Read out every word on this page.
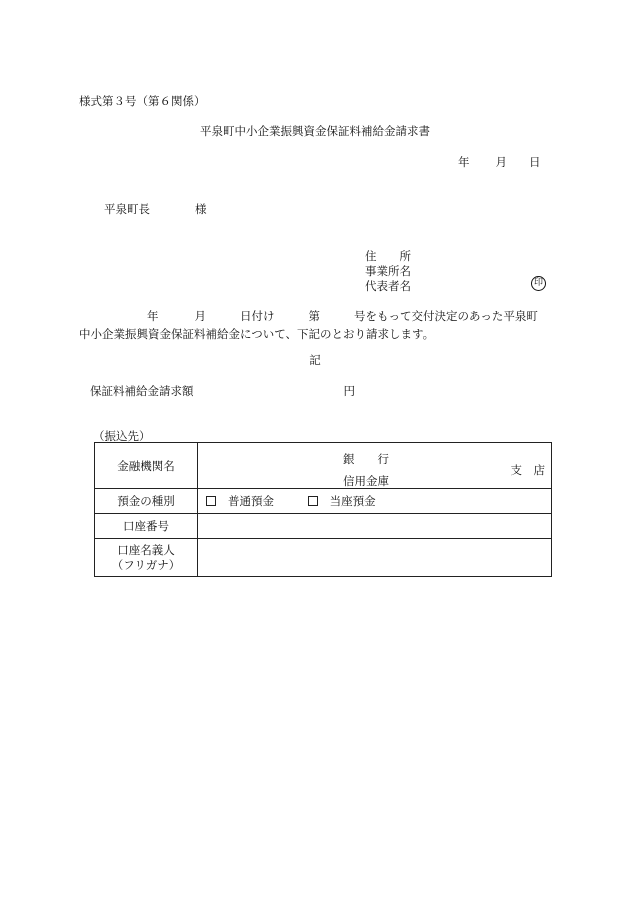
様式第３号（第６関係）
平泉町中小企業振興資金保証料補給金請求書
年 月 日
平泉町長	様
住　　所
事業所名
代表者名	印
年	月	日付け	第	号をもって交付決定のあった平泉町
中小企業振興資金保証料補給金について、下記のとおり請求します。
記
保証料補給金請求額	円
（振込先）
金融機関名	銀　　行
信用金庫
支　店

預金の種別	普通預金 当座預金
口座番号	

口座名義人
（フリガナ）	
